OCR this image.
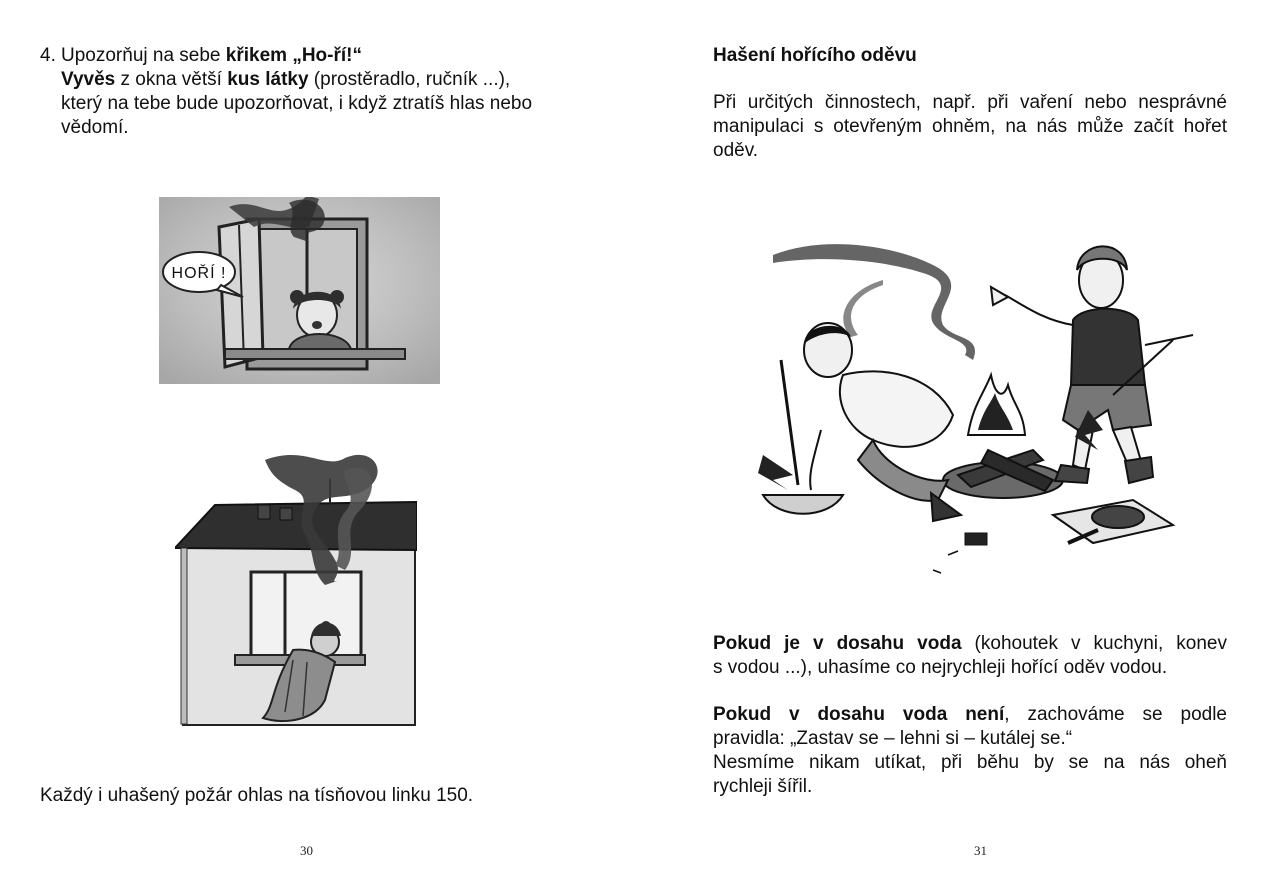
4. Upozorňuj na sebe křikem „Ho-ří!“
Vyvěs z okna větší kus látky (prostěradlo, ručník ...),
který na tebe bude upozorňovat, i když ztratíš hlas nebo
vědomí.
HOŘÍ !

Každý i uhašený požár ohlas na tísňovou linku 150.

30

Hašení hořícího oděvu

Při určitých činnostech, např. při vaření nebo nesprávné
manipulaci s otevřeným ohněm, na nás může začít hořet
oděv.
Pokud je v dosahu voda (kohoutek v kuchyni, konev
s vodou ...), uhasíme co nejrychleji hořící oděv vodou.
Pokud v dosahu voda není, zachováme se podle
pravidla: „Zastav se – lehni si – kutálej se.“
Nesmíme nikam utíkat, při běhu by se na nás oheň
rychleji šířil.
31
